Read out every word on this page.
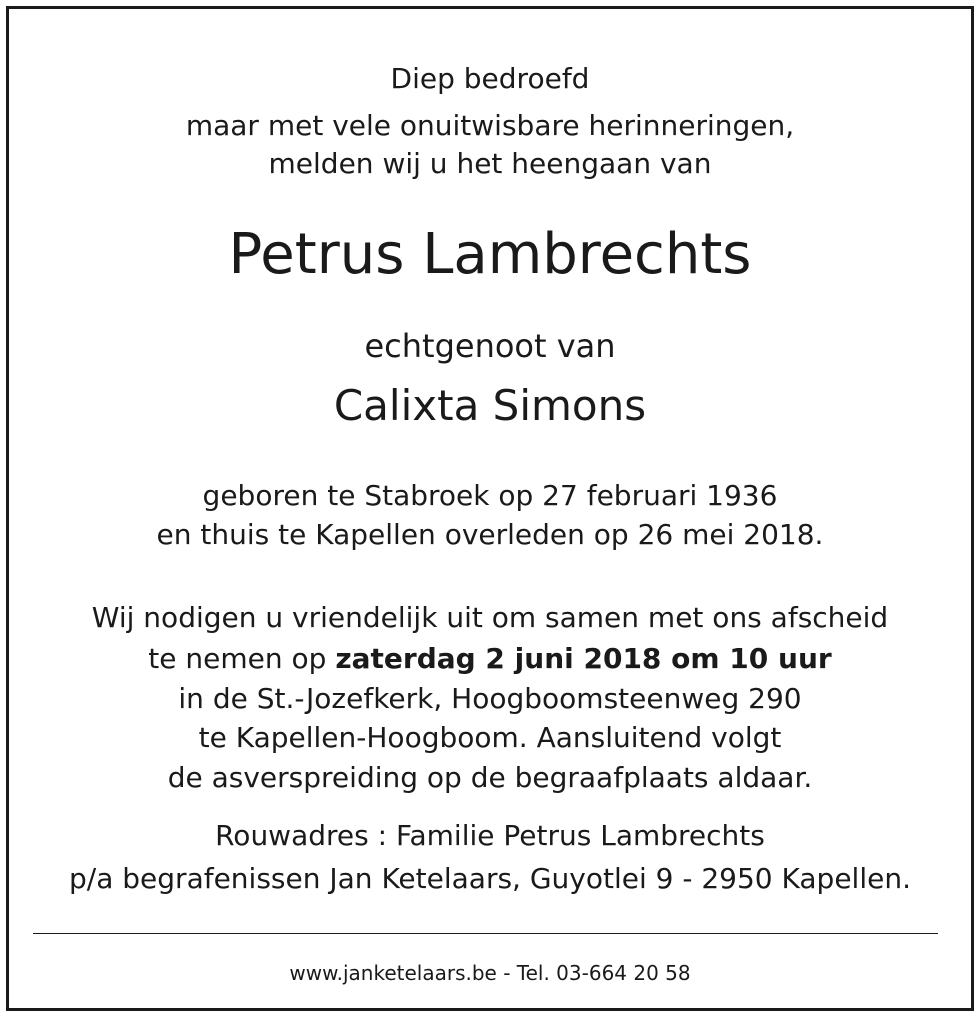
Diep bedroefd
maar met vele onuitwisbare herinneringen,
melden wij u het heengaan van
Petrus Lambrechts
echtgenoot van
Calixta Simons
geboren te Stabroek op 27 februari 1936
en thuis te Kapellen overleden op 26 mei 2018.
Wij nodigen u vriendelijk uit om samen met ons afscheid
te nemen op zaterdag 2 juni 2018 om 10 uur
in de St.-Jozefkerk, Hoogboomsteenweg 290
te Kapellen-Hoogboom. Aansluitend volgt
de asverspreiding op de begraafplaats aldaar.
Rouwadres : Familie Petrus Lambrechts
p/a begrafenissen Jan Ketelaars, Guyotlei 9 - 2950 Kapellen.
www.janketelaars.be - Tel. 03-664 20 58
